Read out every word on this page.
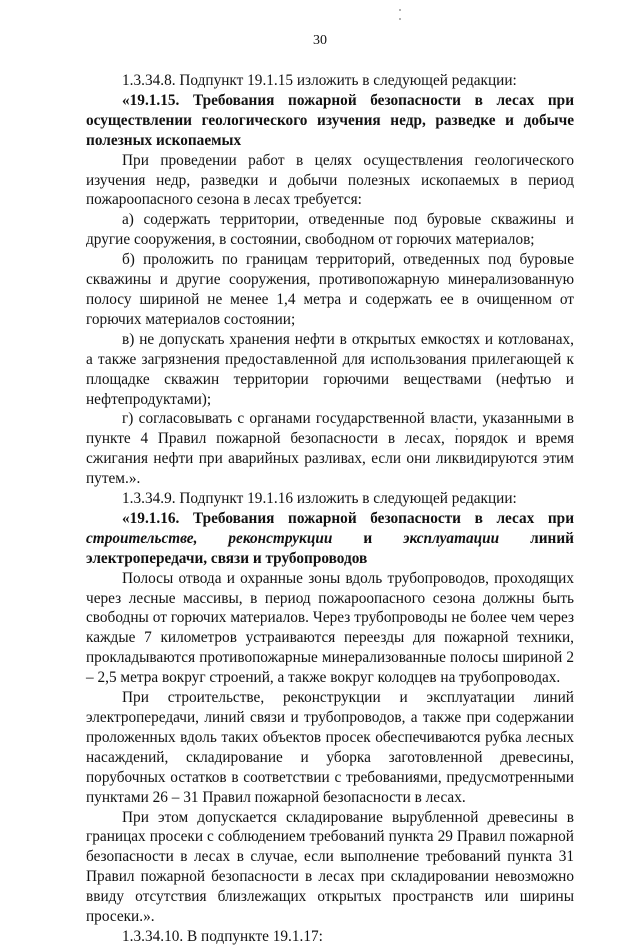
30

1.3.34.8. Подпункт 19.1.15 изложить в следующей редакции:

«19.1.15. Требования пожарной безопасности в лесах при осуществлении геологического изучения недр, разведке и добыче полезных ископаемых

При проведении работ в целях осуществления геологического изучения недр, разведки и добычи полезных ископаемых в период пожароопасного сезона в лесах требуется:

а) содержать территории, отведенные под буровые скважины и другие сооружения, в состоянии, свободном от горючих материалов;

б) проложить по границам территорий, отведенных под буровые скважины и другие сооружения, противопожарную минерализованную полосу шириной не менее 1,4 метра и содержать ее в очищенном от горючих материалов состоянии;

в) не допускать хранения нефти в открытых емкостях и котлованах, а также загрязнения предоставленной для использования прилегающей к площадке скважин территории горючими веществами (нефтью и нефтепродуктами);

г) согласовывать с органами государственной власти, указанными в пункте 4 Правил пожарной безопасности в лесах, порядок и время сжигания нефти при аварийных разливах, если они ликвидируются этим путем.».

1.3.34.9. Подпункт 19.1.16 изложить в следующей редакции:

«19.1.16. Требования пожарной безопасности в лесах при строительстве, реконструкции и эксплуатации линий электропередачи, связи и трубопроводов

Полосы отвода и охранные зоны вдоль трубопроводов, проходящих через лесные массивы, в период пожароопасного сезона должны быть свободны от горючих материалов. Через трубопроводы не более чем через каждые 7 километров устраиваются переезды для пожарной техники, прокладываются противопожарные минерализованные полосы шириной 2 – 2,5 метра вокруг строений, а также вокруг колодцев на трубопроводах.

При строительстве, реконструкции и эксплуатации линий электропередачи, линий связи и трубопроводов, а также при содержании проложенных вдоль таких объектов просек обеспечиваются рубка лесных насаждений, складирование и уборка заготовленной древесины, порубочных остатков в соответствии с требованиями, предусмотренными пунктами 26 – 31 Правил пожарной безопасности в лесах.

При этом допускается складирование вырубленной древесины в границах просеки с соблюдением требований пункта 29 Правил пожарной безопасности в лесах в случае, если выполнение требований пункта 31 Правил пожарной безопасности в лесах при складировании невозможно ввиду отсутствия близлежащих открытых пространств или ширины просеки.».

1.3.34.10. В подпункте 19.1.17:
